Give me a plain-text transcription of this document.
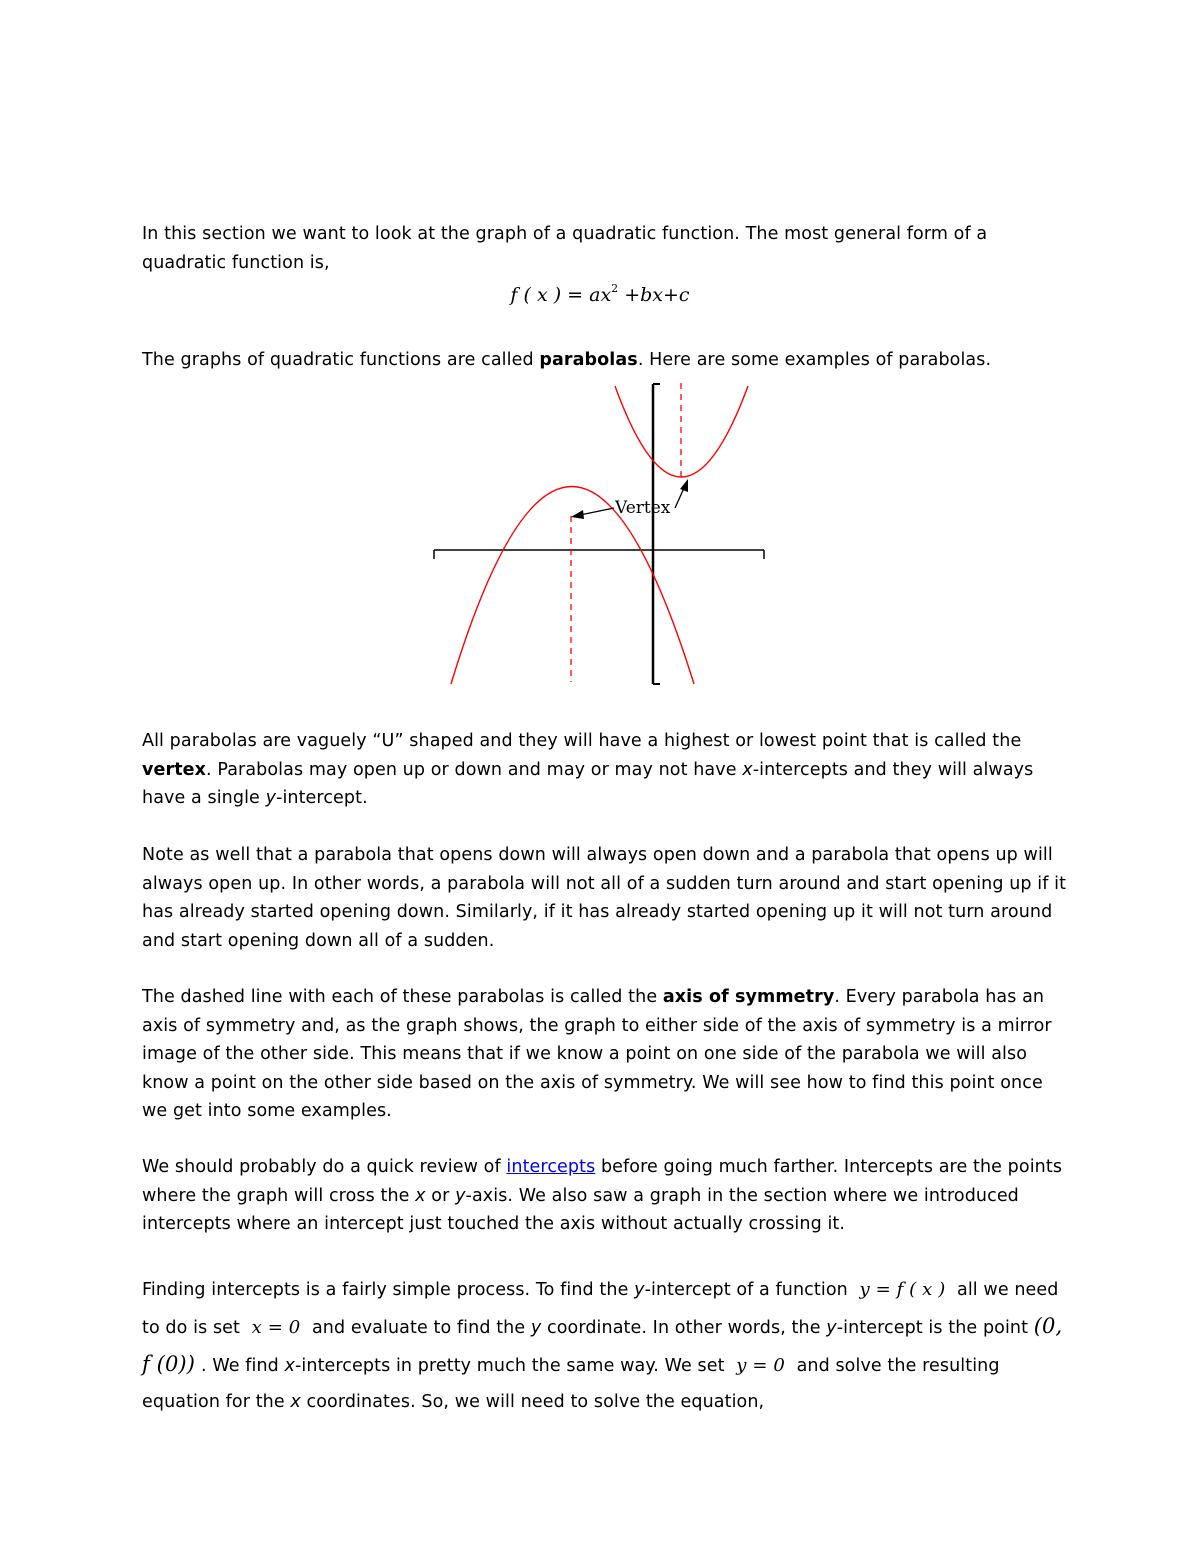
In this section we want to look at the graph of a quadratic function. The most general form of a quadratic function is,

f ( x ) = $ax^2 +bx+c$

The graphs of quadratic functions are called parabolas. Here are some examples of parabolas.

Vertex

All parabolas are vaguely “U” shaped and they will have a highest or lowest point that is called the vertex. Parabolas may open up or down and may or may not have x-intercepts and they will always have a single y-intercept.

Note as well that a parabola that opens down will always open down and a parabola that opens up will always open up. In other words, a parabola will not all of a sudden turn around and start opening up if it has already started opening down. Similarly, if it has already started opening up it will not turn around and start opening down all of a sudden.

The dashed line with each of these parabolas is called the axis of symmetry. Every parabola has an axis of symmetry and, as the graph shows, the graph to either side of the axis of symmetry is a mirror image of the other side. This means that if we know a point on one side of the parabola we will also know a point on the other side based on the axis of symmetry. We will see how to find this point once we get into some examples.

We should probably do a quick review of intercepts before going much farther. Intercepts are the points where the graph will cross the x or y-axis. We also saw a graph in the section where we introduced intercepts where an intercept just touched the axis without actually crossing it.

Finding intercepts is a fairly simple process. To find the y-intercept of a function y = f ( x ) all we need to do is set x = 0 and evaluate to find the y coordinate. In other words, the y-intercept is the point (0, f (0)) . We find x-intercepts in pretty much the same way. We set y = 0 and solve the resulting equation for the x coordinates. So, we will need to solve the equation,
